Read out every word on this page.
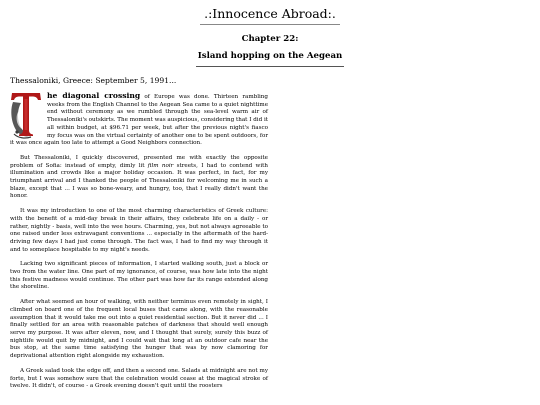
.:Innocence Abroad:.
Chapter 22:
Island hopping on the Aegean

Thessaloniki, Greece: September 5, 1991...

he diagonal crossing of Europe was done. Thirteen rambling weeks from the English Channel to the Aegean Sea came to a quiet nighttime end without ceremony as we rumbled through the sea-level warm air of Thessaloniki's outskirts. The moment was auspicious, considering that I did it all within budget, at $96.71 per week, but after the previous night's fiasco my focus was on the virtual certainty of another one to be spent outdoors, for it was once again too late to attempt a Good Neighbors connection.

But Thessaloniki, I quickly discovered, presented me with exactly the opposite problem of Sofia: instead of empty, dimly lit film noir streets, I had to contend with illumination and crowds like a major holiday occasion. It was perfect, in fact, for my triumphant arrival and I thanked the people of Thessaloniki for welcoming me in such a blaze, except that ... I was so bone-weary, and hungry, too, that I really didn't want the honor.

It was my introduction to one of the most charming characteristics of Greek culture: with the benefit of a mid-day break in their affairs, they celebrate life on a daily - or rather, nightly - basis, well into the wee hours. Charming, yes, but not always agreeable to one raised under less extravagant conventions ... especially in the aftermath of the hard-driving few days I had just come through. The fact was, I had to find my way through it and to someplace hospitable to my night's needs.

Lacking two significant pieces of information, I started walking south, just a block or two from the water line. One part of my ignorance, of course, was how late into the night this festive madness would continue. The other part was how far its range extended along the shoreline.

After what seemed an hour of walking, with neither terminus even remotely in sight, I climbed on board one of the frequent local buses that came along, with the reasonable assumption that it would take me out into a quiet residential section. But it never did ... I finally settled for an area with reasonable patches of darkness that should well enough serve my purpose. It was after eleven, now, and I thought that surely, surely this buzz of nightlife would quit by midnight, and I could wait that long at an outdoor cafe near the bus stop, at the same time satisfying the hunger that was by now clamoring for deprivational attention right alongside my exhaustion.

A Greek salad took the edge off, and then a second one. Salads at midnight are not my forte, but I was somehow sure that the celebration would cease at the magical stroke of twelve. It didn't, of course - a Greek evening doesn't quit until the roosters
